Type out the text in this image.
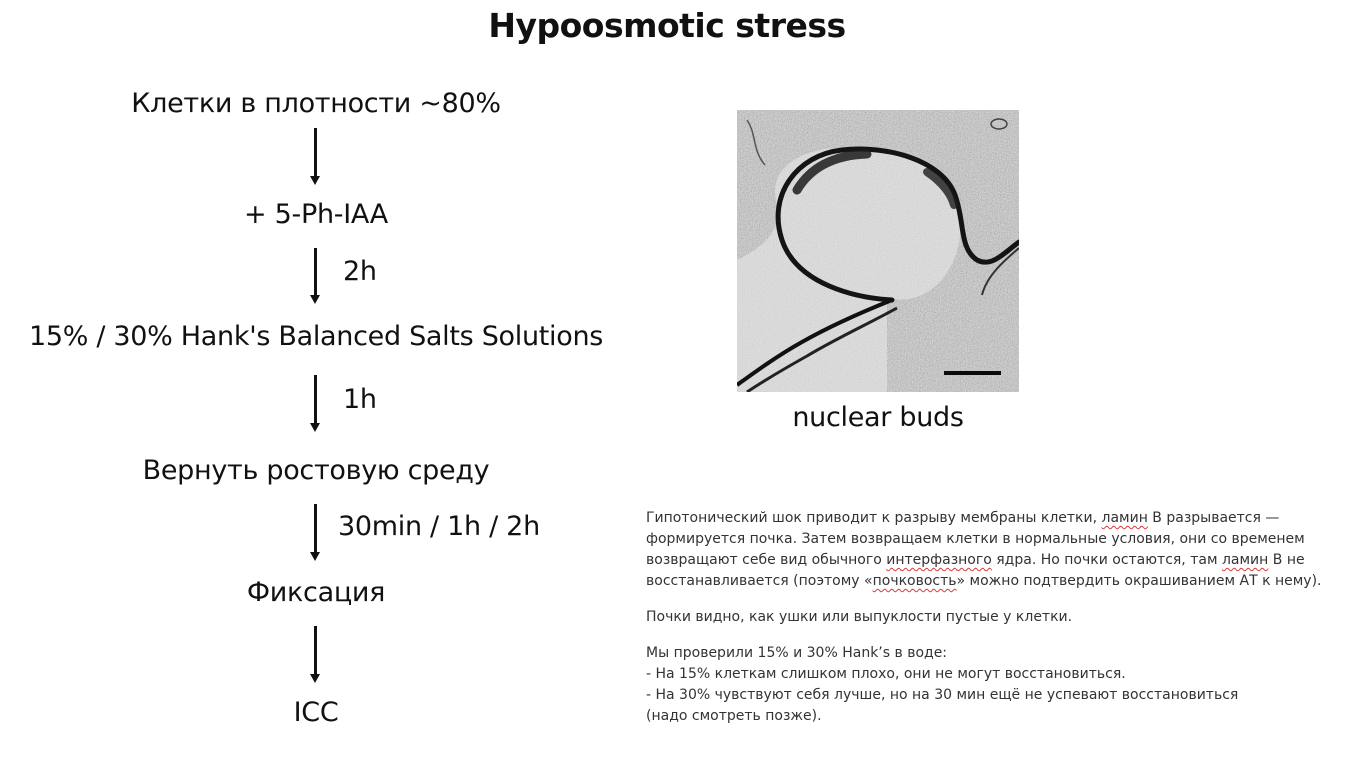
Hypoosmotic stress
Клетки в плотности ~80%
+ 5-Ph-IAA
2h
15% / 30% Hank's Balanced Salts Solutions
1h
Вернуть ростовую среду
30min / 1h / 2h
Фиксация
ICC
nuclear buds

Гипотонический шок приводит к разрыву мембраны клетки, ламин B разрывается —
формируется почка. Затем возвращаем клетки в нормальные условия, они со временем
возвращают себе вид обычного интерфазного ядра. Но почки остаются, там ламин B не
восстанавливается (поэтому «почковость» можно подтвердить окрашиванием АТ к нему).

Почки видно, как ушки или выпуклости пустые у клетки.

Мы проверили 15% и 30% Hank’s в воде:
- На 15% клеткам слишком плохо, они не могут восстановиться.
- На 30% чувствуют себя лучше, но на 30 мин ещё не успевают восстановиться
(надо смотреть позже).
